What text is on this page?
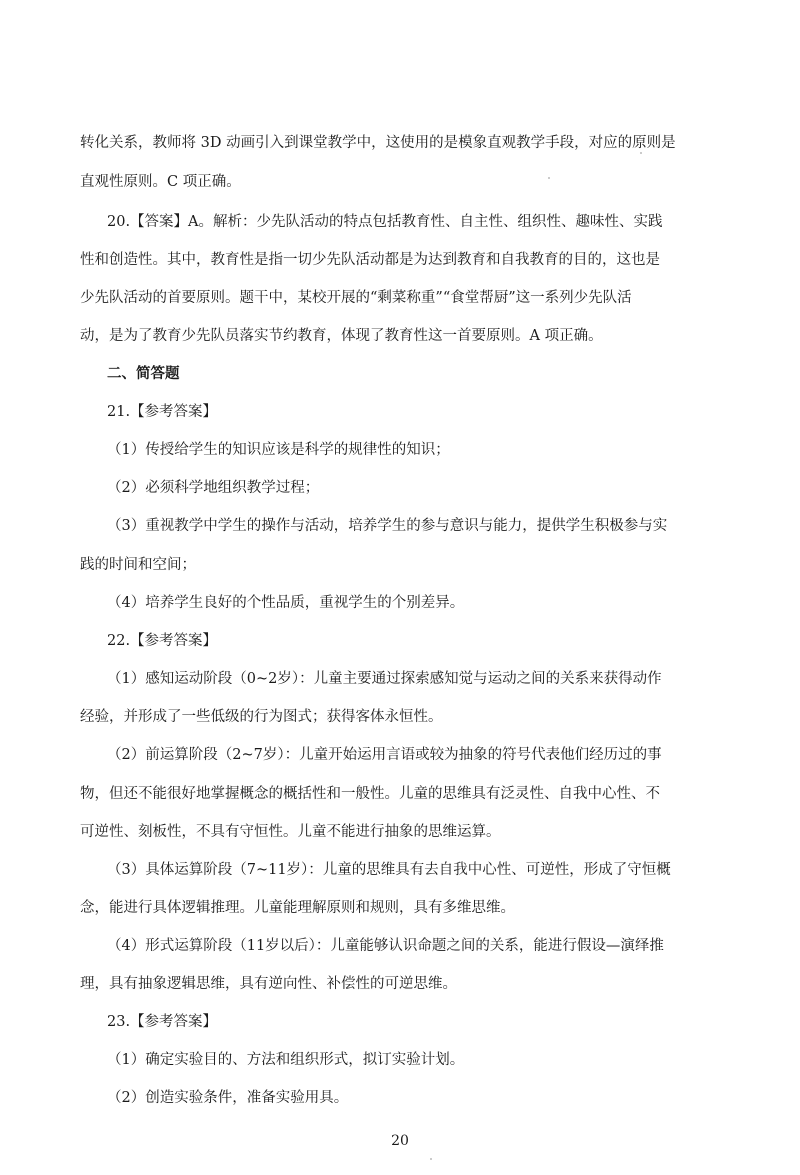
转化关系，教师将 3D 动画引入到课堂教学中，这使用的是模象直观教学手段，对应的原则是
直观性原则。C 项正确。
20.【答案】A。解析：少先队活动的特点包括教育性、自主性、组织性、趣味性、实践
性和创造性。其中，教育性是指一切少先队活动都是为达到教育和自我教育的目的，这也是
少先队活动的首要原则。题干中，某校开展的“剩菜称重”“食堂帮厨”这一系列少先队活
动，是为了教育少先队员落实节约教育，体现了教育性这一首要原则。A 项正确。
二、简答题
21.【参考答案】
（1）传授给学生的知识应该是科学的规律性的知识；
（2）必须科学地组织教学过程；
（3）重视教学中学生的操作与活动，培养学生的参与意识与能力，提供学生积极参与实
践的时间和空间；
（4）培养学生良好的个性品质，重视学生的个别差异。
22.【参考答案】
（1）感知运动阶段（0~2岁）：儿童主要通过探索感知觉与运动之间的关系来获得动作
经验，并形成了一些低级的行为图式；获得客体永恒性。
（2）前运算阶段（2~7岁）：儿童开始运用言语或较为抽象的符号代表他们经历过的事
物，但还不能很好地掌握概念的概括性和一般性。儿童的思维具有泛灵性、自我中心性、不
可逆性、刻板性，不具有守恒性。儿童不能进行抽象的思维运算。
（3）具体运算阶段（7~11岁）：儿童的思维具有去自我中心性、可逆性，形成了守恒概
念，能进行具体逻辑推理。儿童能理解原则和规则，具有多维思维。
（4）形式运算阶段（11岁以后）：儿童能够认识命题之间的关系，能进行假设—演绎推
理，具有抽象逻辑思维，具有逆向性、补偿性的可逆思维。
23.【参考答案】
（1）确定实验目的、方法和组织形式，拟订实验计划。
（2）创造实验条件，准备实验用具。
20
